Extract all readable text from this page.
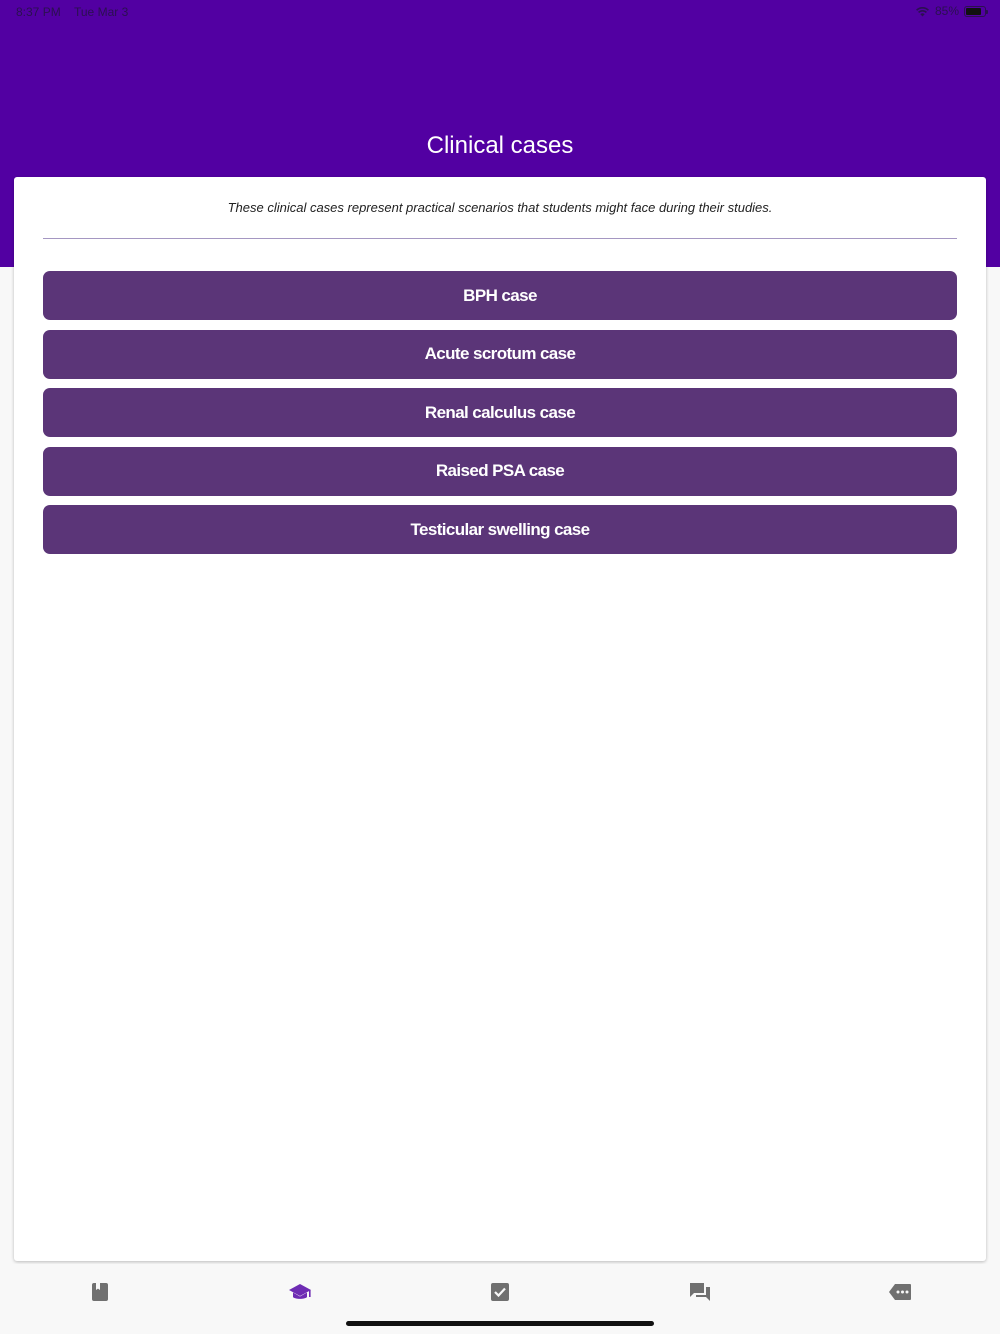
8:37 PM Tue Mar 3	85%
Clinical cases
These clinical cases represent practical scenarios that students might face during their studies.
BPH case
Acute scrotum case
Renal calculus case
Raised PSA case
Testicular swelling case
